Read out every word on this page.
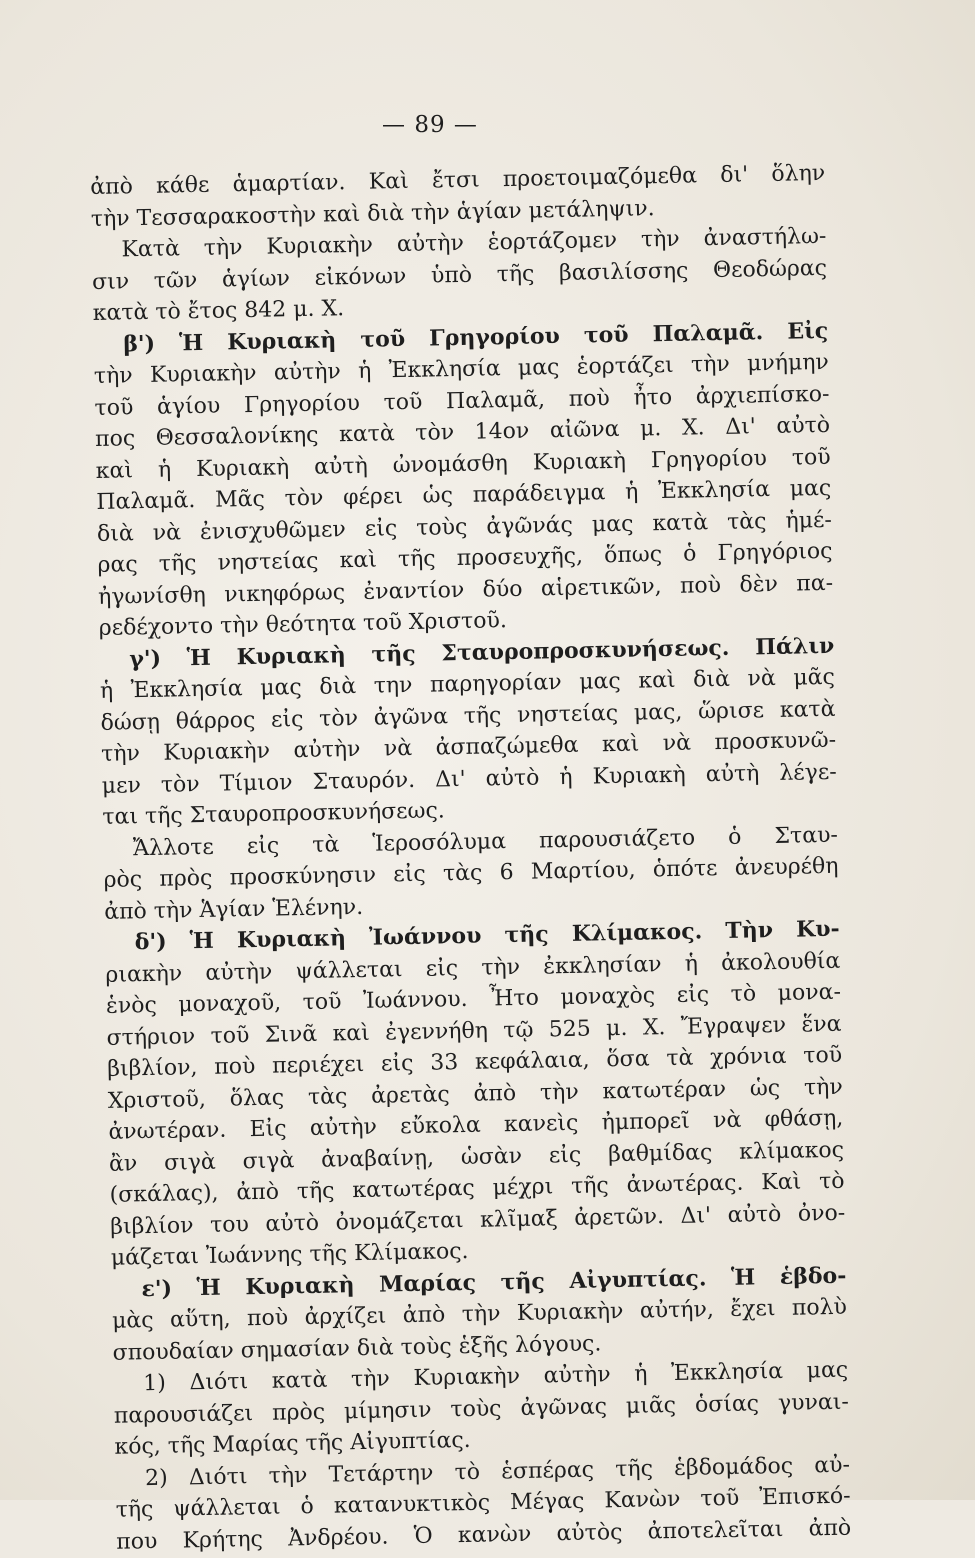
— 89 —
ἀπὸ κάθε ἁμαρτίαν. Καὶ ἔτσι προετοιμαζόμεθα δι' ὅλην
τὴν Τεσσαρακοστὴν καὶ διὰ τὴν ἁγίαν μετάληψιν.
Κατὰ τὴν Κυριακὴν αὐτὴν ἑορτάζομεν τὴν ἀναστήλω-
σιν τῶν ἁγίων εἰκόνων ὑπὸ τῆς βασιλίσσης Θεοδώρας
κατὰ τὸ ἔτος 842 μ. Χ.
β') Ἡ Κυριακὴ τοῦ Γρηγορίου τοῦ Παλαμᾶ. Εἰς
τὴν Κυριακὴν αὐτὴν ἡ Ἐκκλησία μας ἑορτάζει τὴν μνήμην
τοῦ ἁγίου Γρηγορίου τοῦ Παλαμᾶ, ποὺ ἦτο ἀρχιεπίσκο-
πος Θεσσαλονίκης κατὰ τὸν 14ον αἰῶνα μ. Χ. Δι' αὐτὸ
καὶ ἡ Κυριακὴ αὐτὴ ὠνομάσθη Κυριακὴ Γρηγορίου τοῦ
Παλαμᾶ. Μᾶς τὸν φέρει ὡς παράδειγμα ἡ Ἐκκλησία μας
διὰ νὰ ἐνισχυθῶμεν εἰς τοὺς ἀγῶνάς μας κατὰ τὰς ἡμέ-
ρας τῆς νηστείας καὶ τῆς προσευχῆς, ὅπως ὁ Γρηγόριος
ἠγωνίσθη νικηφόρως ἐναντίον δύο αἱρετικῶν, ποὺ δὲν πα-
ρεδέχοντο τὴν θεότητα τοῦ Χριστοῦ.
γ') Ἡ Κυριακὴ τῆς Σταυροπροσκυνήσεως. Πάλιν
ἡ Ἐκκλησία μας διὰ την παρηγορίαν μας καὶ διὰ νὰ μᾶς
δώσῃ θάρρος εἰς τὸν ἀγῶνα τῆς νηστείας μας, ὥρισε κατὰ
τὴν Κυριακὴν αὐτὴν νὰ ἀσπαζώμεθα καὶ νὰ προσκυνῶ-
μεν τὸν Τίμιον Σταυρόν. Δι' αὐτὸ ἡ Κυριακὴ αὐτὴ λέγε-
ται τῆς Σταυροπροσκυνήσεως.
Ἄλλοτε εἰς τὰ Ἱεροσόλυμα παρουσιάζετο ὁ Σταυ-
ρὸς πρὸς προσκύνησιν εἰς τὰς 6 Μαρτίου, ὁπότε ἀνευρέθη
ἀπὸ τὴν Ἁγίαν Ἑλένην.
δ') Ἡ Κυριακὴ Ἰωάννου τῆς Κλίμακος. Τὴν Κυ-
ριακὴν αὐτὴν ψάλλεται εἰς τὴν ἐκκλησίαν ἡ ἀκολουθία
ἑνὸς μοναχοῦ, τοῦ Ἰωάννου. Ἦτο μοναχὸς εἰς τὸ μονα-
στήριον τοῦ Σινᾶ καὶ ἐγεννήθη τῷ 525 μ. Χ. Ἔγραψεν ἕνα
βιβλίον, ποὺ περιέχει εἰς 33 κεφάλαια, ὅσα τὰ χρόνια τοῦ
Χριστοῦ, ὅλας τὰς ἀρετὰς ἀπὸ τὴν κατωτέραν ὡς τὴν
ἀνωτέραν. Εἰς αὐτὴν εὔκολα κανεὶς ἠμπορεῖ νὰ φθάσῃ,
ἂν σιγὰ σιγὰ ἀναβαίνῃ, ὡσὰν εἰς βαθμίδας κλίμακος
(σκάλας), ἀπὸ τῆς κατωτέρας μέχρι τῆς ἀνωτέρας. Καὶ τὸ
βιβλίον του αὐτὸ ὀνομάζεται κλῖμαξ ἀρετῶν. Δι' αὐτὸ ὀνο-
μάζεται Ἰωάννης τῆς Κλίμακος.
ε') Ἡ Κυριακὴ Μαρίας τῆς Αἰγυπτίας. Ἡ ἑβδο-
μὰς αὕτη, ποὺ ἀρχίζει ἀπὸ τὴν Κυριακὴν αὐτήν, ἔχει πολὺ
σπουδαίαν σημασίαν διὰ τοὺς ἑξῆς λόγους.
1) Διότι κατὰ τὴν Κυριακὴν αὐτὴν ἡ Ἐκκλησία μας
παρουσιάζει πρὸς μίμησιν τοὺς ἀγῶνας μιᾶς ὁσίας γυναι-
κός, τῆς Μαρίας τῆς Αἰγυπτίας.
2) Διότι τὴν Τετάρτην τὸ ἑσπέρας τῆς ἑβδομάδος αὐ-
τῆς ψάλλεται ὁ κατανυκτικὸς Μέγας Κανὼν τοῦ Ἐπισκό-
που Κρήτης Ἀνδρέου. Ὁ κανὼν αὐτὸς ἀποτελεῖται ἀπὸ
